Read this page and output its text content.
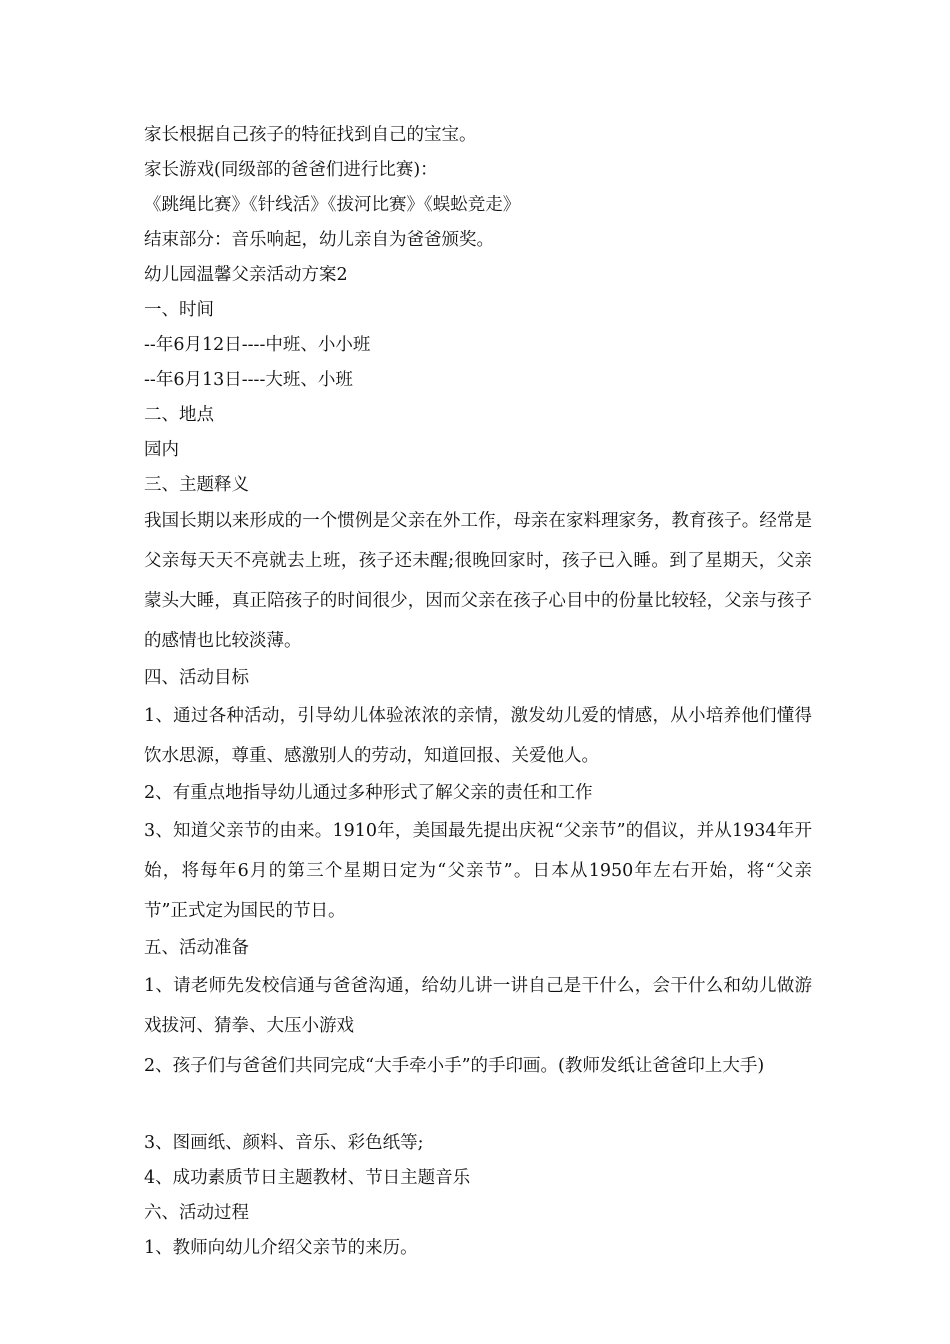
家长根据自己孩子的特征找到自己的宝宝。

家长游戏(同级部的爸爸们进行比赛)：

《跳绳比赛》《针线活》《拔河比赛》《蜈蚣竞走》

结束部分：音乐响起，幼儿亲自为爸爸颁奖。

幼儿园温馨父亲活动方案2

一、时间

--年6月12日----中班、小小班

--年6月13日----大班、小班

二、地点

园内

三、主题释义

我国长期以来形成的一个惯例是父亲在外工作，母亲在家料理家务，教育孩子。经常是父亲每天天不亮就去上班，孩子还未醒;很晚回家时，孩子已入睡。到了星期天，父亲蒙头大睡，真正陪孩子的时间很少，因而父亲在孩子心目中的份量比较轻，父亲与孩子的感情也比较淡薄。

四、活动目标

1、通过各种活动，引导幼儿体验浓浓的亲情，激发幼儿爱的情感，从小培养他们懂得饮水思源，尊重、感激别人的劳动，知道回报、关爱他人。

2、有重点地指导幼儿通过多种形式了解父亲的责任和工作

3、知道父亲节的由来。1910年，美国最先提出庆祝“父亲节”的倡议，并从1934年开始，将每年6月的第三个星期日定为“父亲节”。日本从1950年左右开始，将“父亲节”正式定为国民的节日。

五、活动准备

1、请老师先发校信通与爸爸沟通，给幼儿讲一讲自己是干什么，会干什么和幼儿做游戏拔河、猜拳、大压小游戏

2、孩子们与爸爸们共同完成“大手牵小手”的手印画。(教师发纸让爸爸印上大手)

3、图画纸、颜料、音乐、彩色纸等;

4、成功素质节日主题教材、节日主题音乐

六、活动过程

1、教师向幼儿介绍父亲节的来历。
